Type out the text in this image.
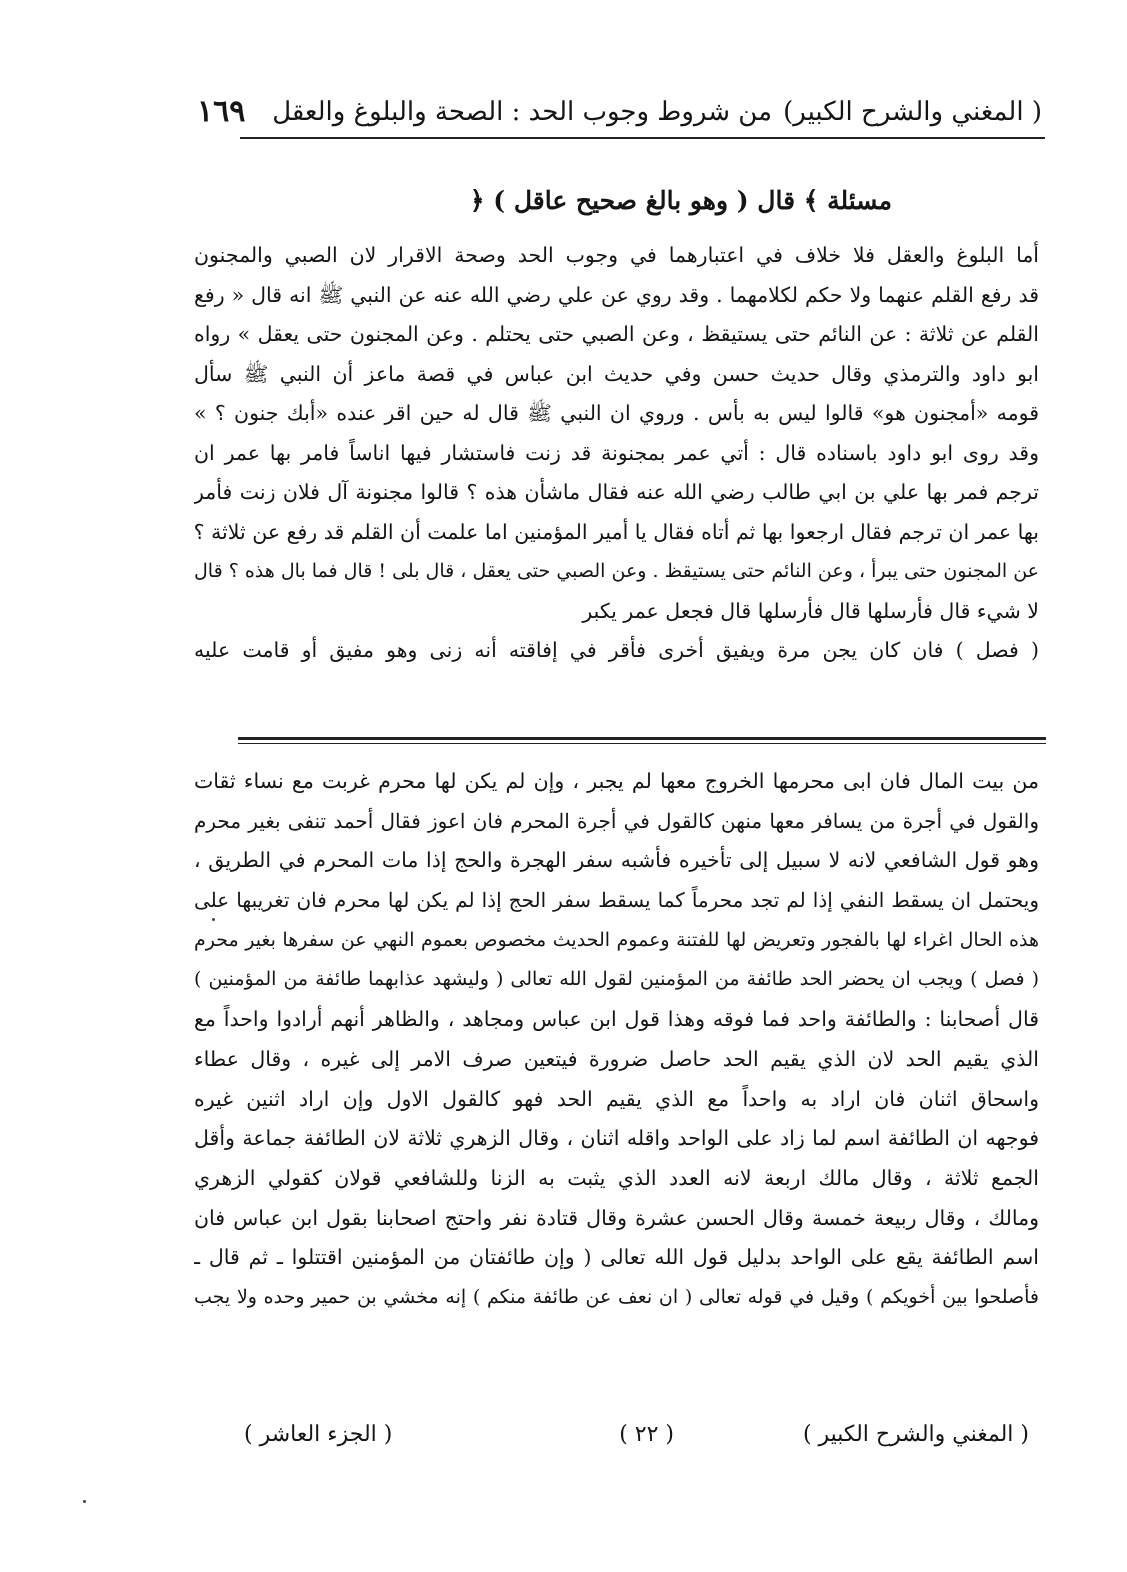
(المغني والشرح الكبير )
من شروط وجوب الحد : الصحة والبلوغ والعقل
١٦٩
﴿ مسئلة ﴾ قال ( وهو بالغ صحيح عاقل )
أما البلوغ والعقل فلا خلاف في اعتبارهما في وجوب الحد وصحة الاقرار لان الصبي والمجنون
قد رفع القلم عنهما ولا حكم لكلامهما . وقد روي عن علي رضي الله عنه عن النبي ﷺ انه قال « رفع
القلم عن ثلاثة : عن النائم حتى يستيقظ ، وعن الصبي حتى يحتلم . وعن المجنون حتى يعقل » رواه
ابو داود والترمذي وقال حديث حسن وفي حديث ابن عباس في قصة ماعز أن النبي ﷺ سأل
قومه «أمجنون هو» قالوا ليس به بأس . وروي ان النبي ﷺ قال له حين اقر عنده «أبك جنون ؟ »
وقد روى ابو داود باسناده قال : أتي عمر بمجنونة قد زنت فاستشار فيها اناساً فامر بها عمر ان
ترجم فمر بها علي بن ابي طالب رضي الله عنه فقال ماشأن هذه ؟ قالوا مجنونة آل فلان زنت فأمر
بها عمر ان ترجم فقال ارجعوا بها ثم أتاه فقال يا أمير المؤمنين اما علمت أن القلم قد رفع عن ثلاثة ؟
عن المجنون حتى يبرأ ، وعن النائم حتى يستيقظ . وعن الصبي حتى يعقل ، قال بلى ! قال فما بال هذه ؟ قال
لا شيء قال فأرسلها قال فأرسلها قال فجعل عمر يكبر
( فصل ) فان كان يجن مرة ويفيق أخرى فأقر في إفاقته أنه زنى وهو مفيق أو قامت عليه
من بيت المال فان ابى محرمها الخروج معها لم يجبر ، وإن لم يكن لها محرم غربت مع نساء ثقات
والقول في أجرة من يسافر معها منهن كالقول في أجرة المحرم فان اعوز فقال أحمد تنفى بغير محرم
وهو قول الشافعي لانه لا سبيل إلى تأخيره فأشبه سفر الهجرة والحج إذا مات المحرم في الطريق ،
ويحتمل ان يسقط النفي إذا لم تجد محرماً كما يسقط سفر الحج إذا لم يكن لها محرم فان تغريبها على
هذه الحال اغراء لها بالفجور وتعريض لها للفتنة وعموم الحديث مخصوص بعموم النهي عن سفرها بغير محرم
( فصل ) ويجب ان يحضر الحد طائفة من المؤمنين لقول الله تعالى ( وليشهد عذابهما طائفة من المؤمنين )
قال أصحابنا : والطائفة واحد فما فوقه وهذا قول ابن عباس ومجاهد ، والظاهر أنهم أرادوا واحداً مع
الذي يقيم الحد لان الذي يقيم الحد حاصل ضرورة فيتعين صرف الامر إلى غيره ، وقال عطاء
واسحاق اثنان فان اراد به واحداً مع الذي يقيم الحد فهو كالقول الاول وإن اراد اثنين غيره
فوجهه ان الطائفة اسم لما زاد على الواحد واقله اثنان ، وقال الزهري ثلاثة لان الطائفة جماعة وأقل
الجمع ثلاثة ، وقال مالك اربعة لانه العدد الذي يثبت به الزنا وللشافعي قولان كقولي الزهري
ومالك ، وقال ربيعة خمسة وقال الحسن عشرة وقال قتادة نفر واحتج اصحابنا بقول ابن عباس فان
اسم الطائفة يقع على الواحد بدليل قول الله تعالى ( وإن طائفتان من المؤمنين اقتتلوا ـ ثم قال ـ
فأصلحوا بين أخويكم ) وقيل في قوله تعالى ( ان نعف عن طائفة منكم ) إنه مخشي بن حمير وحده ولا يجب
( المغني والشرح الكبير )
( ٢٢ )
( الجزء العاشر )
